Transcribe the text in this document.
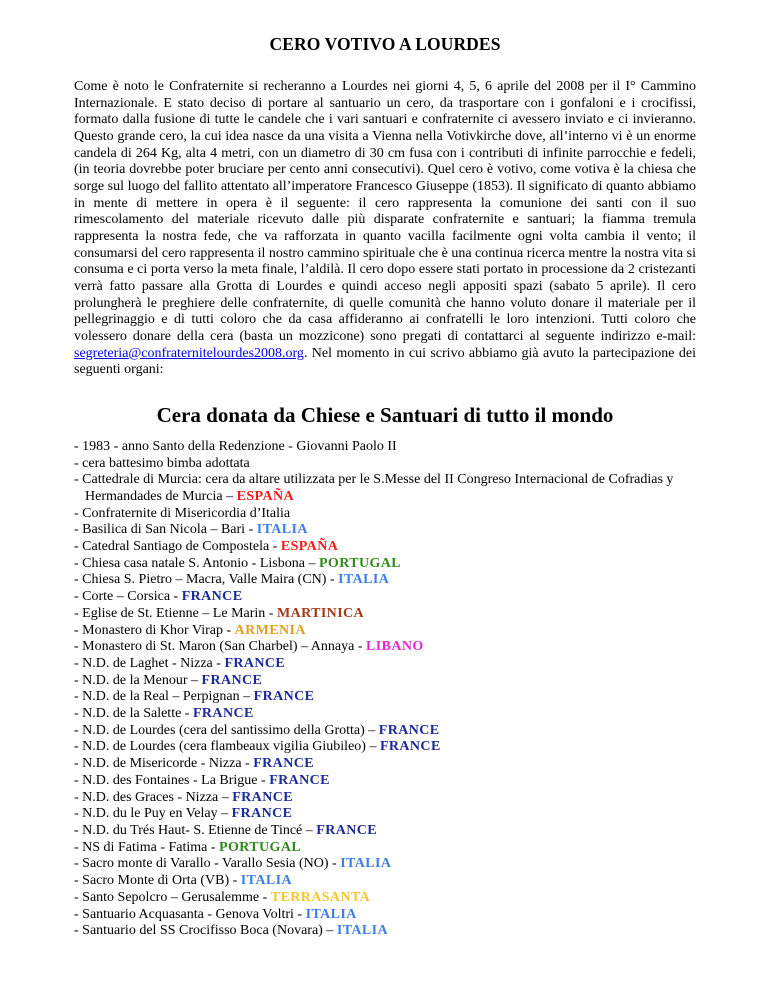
CERO VOTIVO A LOURDES

Come è noto le Confraternite si recheranno a Lourdes nei giorni 4, 5, 6 aprile del 2008 per il I° Cammino Internazionale. E stato deciso di portare al santuario un cero, da trasportare con i gonfaloni e i crocifissi, formato dalla fusione di tutte le candele che i vari santuari e confraternite ci avessero inviato e ci invieranno. Questo grande cero, la cui idea nasce da una visita a Vienna nella Votivkirche dove, all’interno vi è un enorme candela di 264 Kg, alta 4 metri, con un diametro di 30 cm fusa con i contributi di infinite parrocchie e fedeli, (in teoria dovrebbe poter bruciare per cento anni consecutivi). Quel cero è votivo, come votiva è la chiesa che sorge sul luogo del fallito attentato all’imperatore Francesco Giuseppe (1853). Il significato di quanto abbiamo in mente di mettere in opera è il seguente: il cero rappresenta la comunione dei santi con il suo rimescolamento del materiale ricevuto dalle più disparate confraternite e santuari; la fiamma tremula rappresenta la nostra fede, che va rafforzata in quanto vacilla facilmente ogni volta cambia il vento; il consumarsi del cero rappresenta il nostro cammino spirituale che è una continua ricerca mentre la nostra vita si consuma e ci porta verso la meta finale, l’aldilà. Il cero dopo essere stati portato in processione da 2 cristezanti verrà fatto passare alla Grotta di Lourdes e quindi acceso negli appositi spazi (sabato 5 aprile). Il cero prolungherà le preghiere delle confraternite, di quelle comunità che hanno voluto donare il materiale per il pellegrinaggio e di tutti coloro che da casa affideranno ai confratelli le loro intenzioni. Tutti coloro che volessero donare della cera (basta un mozzicone) sono pregati di contattarci al seguente indirizzo e-mail: segreteria@confraternitelourdes2008.org. Nel momento in cui scrivo abbiamo già avuto la partecipazione dei seguenti organi:

Cera donata da Chiese e Santuari di tutto il mondo
- 1983 - anno Santo della Redenzione - Giovanni Paolo II
- cera battesimo bimba adottata
- Cattedrale di Murcia: cera da altare utilizzata per le S.Messe del II Congreso Internacional de Cofradias y Hermandades de Murcia – ESPAÑA
- Confraternite di Misericordia d’Italia
- Basilica di San Nicola – Bari - ITALIA
- Catedral Santiago de Compostela - ESPAÑA
- Chiesa casa natale S. Antonio - Lisbona – PORTUGAL
- Chiesa S. Pietro – Macra, Valle Maira (CN) - ITALIA
- Corte – Corsica - FRANCE
- Eglise de St. Etienne – Le Marin - MARTINICA
- Monastero di Khor Virap - ARMENIA
- Monastero di St. Maron (San Charbel) – Annaya - LIBANO
- N.D. de Laghet - Nizza - FRANCE
- N.D. de la Menour – FRANCE
- N.D. de la Real – Perpignan – FRANCE
- N.D. de la Salette - FRANCE
- N.D. de Lourdes (cera del santissimo della Grotta) – FRANCE
- N.D. de Lourdes (cera flambeaux vigilia Giubileo) – FRANCE
- N.D. de Misericorde - Nizza - FRANCE
- N.D. des Fontaines - La Brigue - FRANCE
- N.D. des Graces - Nizza – FRANCE
- N.D. du le Puy en Velay – FRANCE
- N.D. du Trés Haut- S. Etienne de Tincé – FRANCE
- NS di Fatima - Fatima - PORTUGAL
- Sacro monte di Varallo - Varallo Sesia (NO) - ITALIA
- Sacro Monte di Orta (VB) - ITALIA
- Santo Sepolcro – Gerusalemme - TERRASANTA
- Santuario Acquasanta - Genova Voltri - ITALIA
- Santuario del SS Crocifisso Boca (Novara) – ITALIA
